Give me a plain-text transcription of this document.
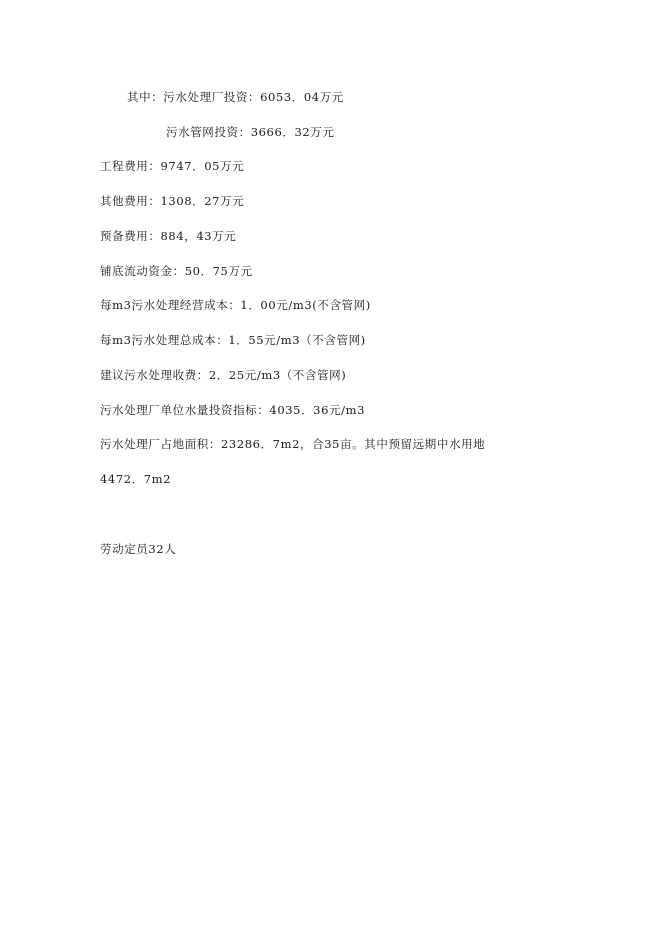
其中：污水处理厂投资：6053．04万元
污水管网投资：3666．32万元
工程费用：9747．05万元
其他费用：1308．27万元
预备费用：884，43万元
铺底流动资金：50．75万元
每m3污水处理经营成本：1．00元/m3(不含管网)
每m3污水处理总成本：1．55元/m3（不含管网)
建议污水处理收费：2．25元/m3（不含管网)
污水处理厂单位水量投资指标：4035．36元/m3
污水处理厂占地面积：23286．7m2，合35亩。其中预留远期中水用地
4472．7m2
劳动定员32人
